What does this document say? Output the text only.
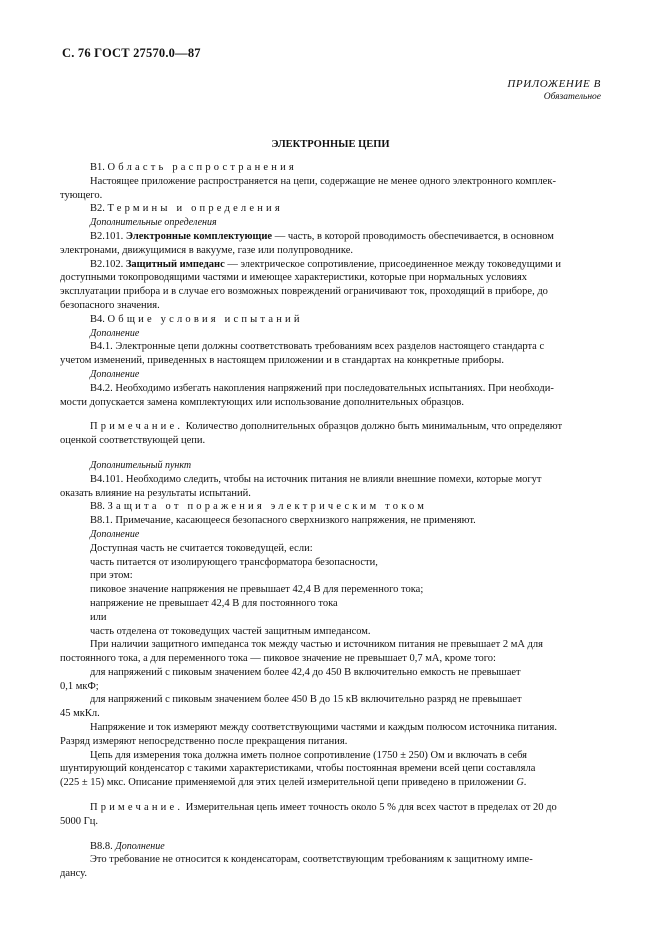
С. 76 ГОСТ 27570.0—87
ПРИЛОЖЕНИЕ B
Обязательное
ЭЛЕКТРОННЫЕ ЦЕПИ

B1. Область распространения

Настоящее приложение распространяется на цепи, содержащие не менее одного электронного комплек-

тующего.

B2. Термины и определения

Дополнительные определения

B2.101. Электронные комплектующие — часть, в которой проводимость обеспечивается, в основном

электронами, движущимися в вакууме, газе или полупроводнике.

B2.102. Защитный импеданс — электрическое сопротивление, присоединенное между токоведущими и

доступными токопроводящими частями и имеющее характеристики, которые при нормальных условиях

эксплуатации прибора и в случае его возможных повреждений ограничивают ток, проходящий в приборе, до

безопасного значения.

B4. Общие условия испытаний

Дополнение

B4.1. Электронные цепи должны соответствовать требованиям всех разделов настоящего стандарта с

учетом изменений, приведенных в настоящем приложении и в стандартах на конкретные приборы.

Дополнение

B4.2. Необходимо избегать накопления напряжений при последовательных испытаниях. При необходи-

мости допускается замена комплектующих или использование дополнительных образцов.

Примечание. Количество дополнительных образцов должно быть минимальным, что определяют

оценкой соответствующей цепи.

Дополнительный пункт

B4.101. Необходимо следить, чтобы на источник питания не влияли внешние помехи, которые могут

оказать влияние на результаты испытаний.

B8. Защита от поражения электрическим током

B8.1. Примечание, касающееся безопасного сверхнизкого напряжения, не применяют.

Дополнение

Доступная часть не считается токоведущей, если:

часть питается от изолирующего трансформатора безопасности,

при этом:

пиковое значение напряжения не превышает 42,4 В для переменного тока;

напряжение не превышает 42,4 В для постоянного тока

или

часть отделена от токоведущих частей защитным импедансом.

При наличии защитного импеданса ток между частью и источником питания не превышает 2 мА для

постоянного тока, а для переменного тока — пиковое значение не превышает 0,7 мА, кроме того:

для напряжений с пиковым значением более 42,4 до 450 В включительно емкость не превышает

0,1 мкФ;

для напряжений с пиковым значением более 450 В до 15 кВ включительно разряд не превышает

45 мкКл.

Напряжение и ток измеряют между соответствующими частями и каждым полюсом источника питания.

Разряд измеряют непосредственно после прекращения питания.

Цепь для измерения тока должна иметь полное сопротивление (1750 ± 250) Ом и включать в себя

шунтирующий конденсатор с такими характеристиками, чтобы постоянная времени всей цепи составляла

(225 ± 15) мкс. Описание применяемой для этих целей измерительной цепи приведено в приложении G.

Примечание. Измерительная цепь имеет точность около 5 % для всех частот в пределах от 20 до

5000 Гц.

B8.8. Дополнение

Это требование не относится к конденсаторам, соответствующим требованиям к защитному импе-

дансу.
